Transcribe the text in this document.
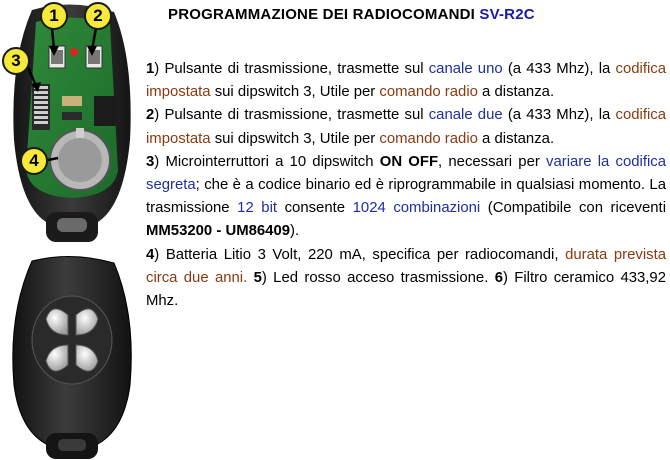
PROGRAMMAZIONE DEI RADIOCOMANDI SV-R2C
1	2
3
4

1) Pulsante di trasmissione, trasmette sul canale uno (a 433 Mhz), la codifica impostata sui dipswitch 3, Utile per comando radio a distanza.

2) Pulsante di trasmissione, trasmette sul canale due (a 433 Mhz), la codifica impostata sui dipswitch 3, Utile per comando radio a distanza.

3) Microinterruttori a 10 dipswitch ON OFF, necessari per variare la codifica segreta; che è a codice binario ed è riprogrammabile in qualsiasi momento. La trasmissione 12 bit consente 1024 combinazioni (Compatibile con riceventi MM53200 - UM86409).

4) Batteria Litio 3 Volt, 220 mA, specifica per radiocomandi, durata prevista circa due anni. 5) Led rosso acceso trasmissione. 6) Filtro ceramico 433,92 Mhz.
